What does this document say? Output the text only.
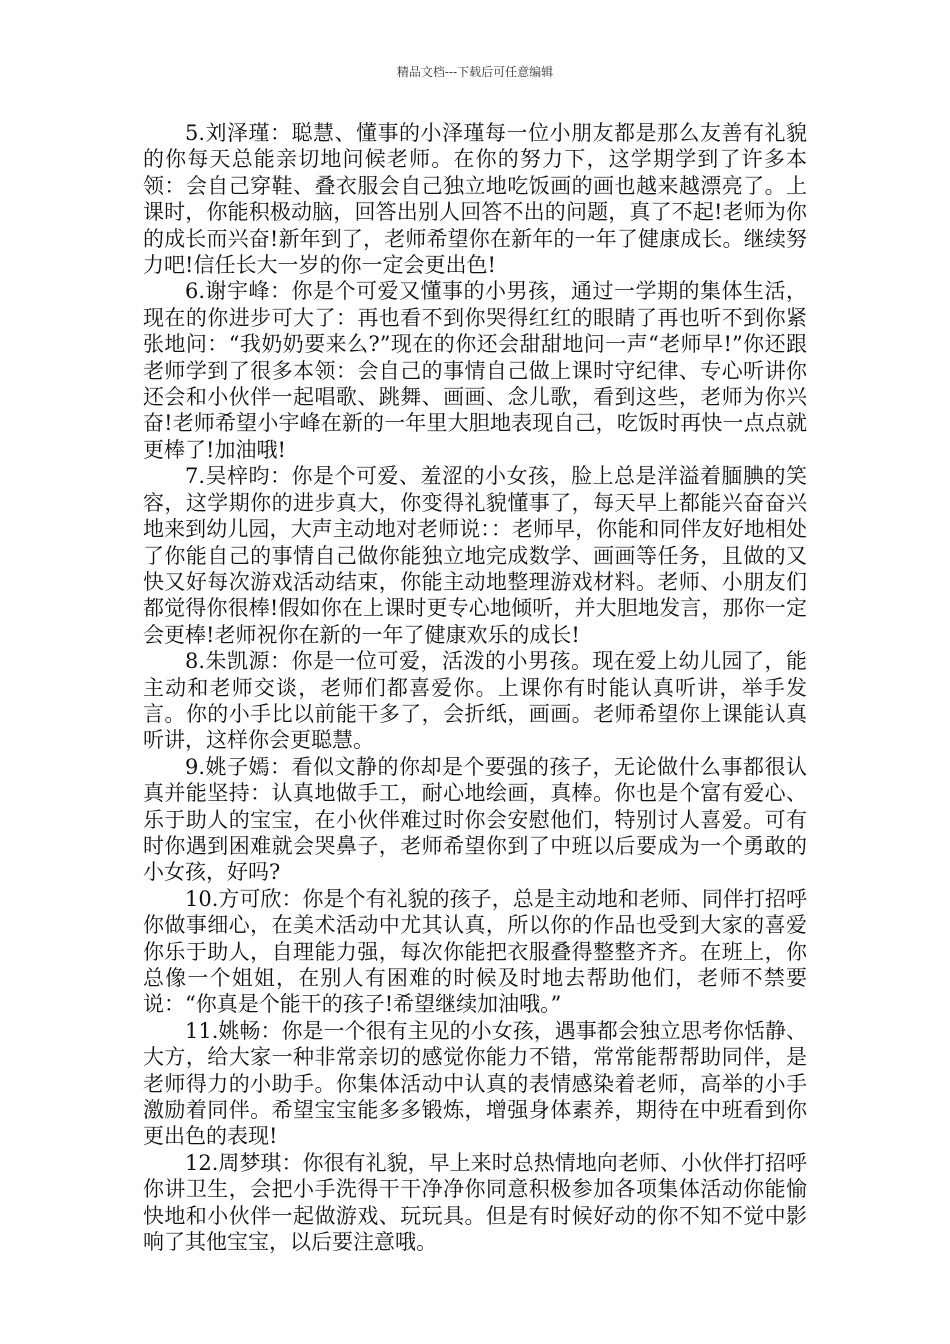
精品文档---下载后可任意编辑

5.刘泽瑾：聪慧、懂事的小泽瑾每一位小朋友都是那么友善有礼貌的你每天总能亲切地问候老师。在你的努力下，这学期学到了许多本领：会自己穿鞋、叠衣服会自己独立地吃饭画的画也越来越漂亮了。上课时，你能积极动脑，回答出别人回答不出的问题，真了不起!老师为你的成长而兴奋!新年到了，老师希望你在新年的一年了健康成长。继续努力吧!信任长大一岁的你一定会更出色!

6.谢宇峰：你是个可爱又懂事的小男孩，通过一学期的集体生活，现在的你进步可大了：再也看不到你哭得红红的眼睛了再也听不到你紧张地问：“我奶奶要来么?”现在的你还会甜甜地问一声“老师早!”你还跟老师学到了很多本领：会自己的事情自己做上课时守纪律、专心听讲你还会和小伙伴一起唱歌、跳舞、画画、念儿歌，看到这些，老师为你兴奋!老师希望小宇峰在新的一年里大胆地表现自己，吃饭时再快一点点就更棒了!加油哦!

7.吴梓昀：你是个可爱、羞涩的小女孩，脸上总是洋溢着腼腆的笑容，这学期你的进步真大，你变得礼貌懂事了，每天早上都能兴奋奋兴地来到幼儿园，大声主动地对老师说：：老师早，你能和同伴友好地相处了你能自己的事情自己做你能独立地完成数学、画画等任务，且做的又快又好每次游戏活动结束，你能主动地整理游戏材料。老师、小朋友们都觉得你很棒!假如你在上课时更专心地倾听，并大胆地发言，那你一定会更棒!老师祝你在新的一年了健康欢乐的成长!

8.朱凯源：你是一位可爱，活泼的小男孩。现在爱上幼儿园了，能主动和老师交谈，老师们都喜爱你。上课你有时能认真听讲，举手发言。你的小手比以前能干多了，会折纸，画画。老师希望你上课能认真听讲，这样你会更聪慧。

9.姚子嫣：看似文静的你却是个要强的孩子，无论做什么事都很认真并能坚持：认真地做手工，耐心地绘画，真棒。你也是个富有爱心、乐于助人的宝宝，在小伙伴难过时你会安慰他们，特别讨人喜爱。可有时你遇到困难就会哭鼻子，老师希望你到了中班以后要成为一个勇敢的小女孩，好吗?

10.方可欣：你是个有礼貌的孩子，总是主动地和老师、同伴打招呼你做事细心，在美术活动中尤其认真，所以你的作品也受到大家的喜爱你乐于助人，自理能力强，每次你能把衣服叠得整整齐齐。在班上，你总像一个姐姐，在别人有困难的时候及时地去帮助他们，老师不禁要说：“你真是个能干的孩子!希望继续加油哦。”

11.姚畅：你是一个很有主见的小女孩，遇事都会独立思考你恬静、大方，给大家一种非常亲切的感觉你能力不错，常常能帮帮助同伴，是老师得力的小助手。你集体活动中认真的表情感染着老师，高举的小手激励着同伴。希望宝宝能多多锻炼，增强身体素养，期待在中班看到你更出色的表现!

12.周梦琪：你很有礼貌，早上来时总热情地向老师、小伙伴打招呼你讲卫生，会把小手洗得干干净净你同意积极参加各项集体活动你能愉快地和小伙伴一起做游戏、玩玩具。但是有时候好动的你不知不觉中影响了其他宝宝，以后要注意哦。
